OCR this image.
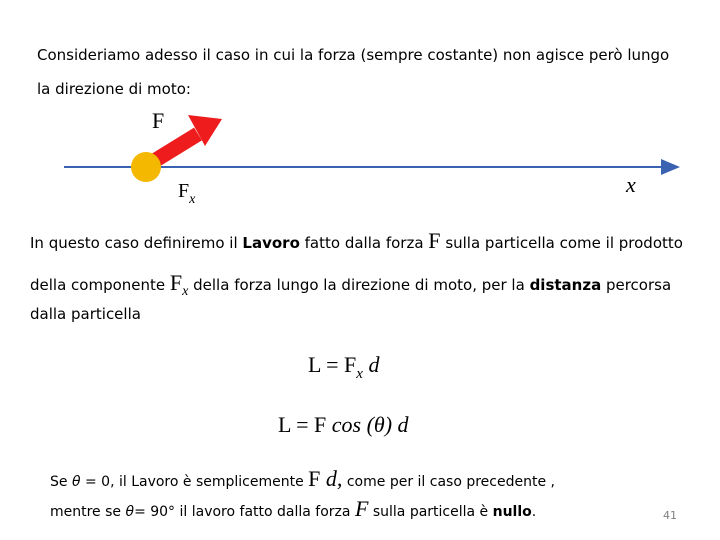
Consideriamo adesso il caso in cui la forza (sempre costante) non agisce però lungo
la direzione di moto:
F
$F_x$
x
In questo caso definiremo il Lavoro fatto dalla forza F sulla particella come il prodotto
della componente Fx della forza lungo la direzione di moto, per la distanza percorsa
dalla particella
$L = F_x$ d
L = F cos (θ) d
Se θ = 0, il Lavoro è semplicemente F d, come per il caso precedente ,
mentre se θ= 90° il lavoro fatto dalla forza F sulla particella è nullo.	41
